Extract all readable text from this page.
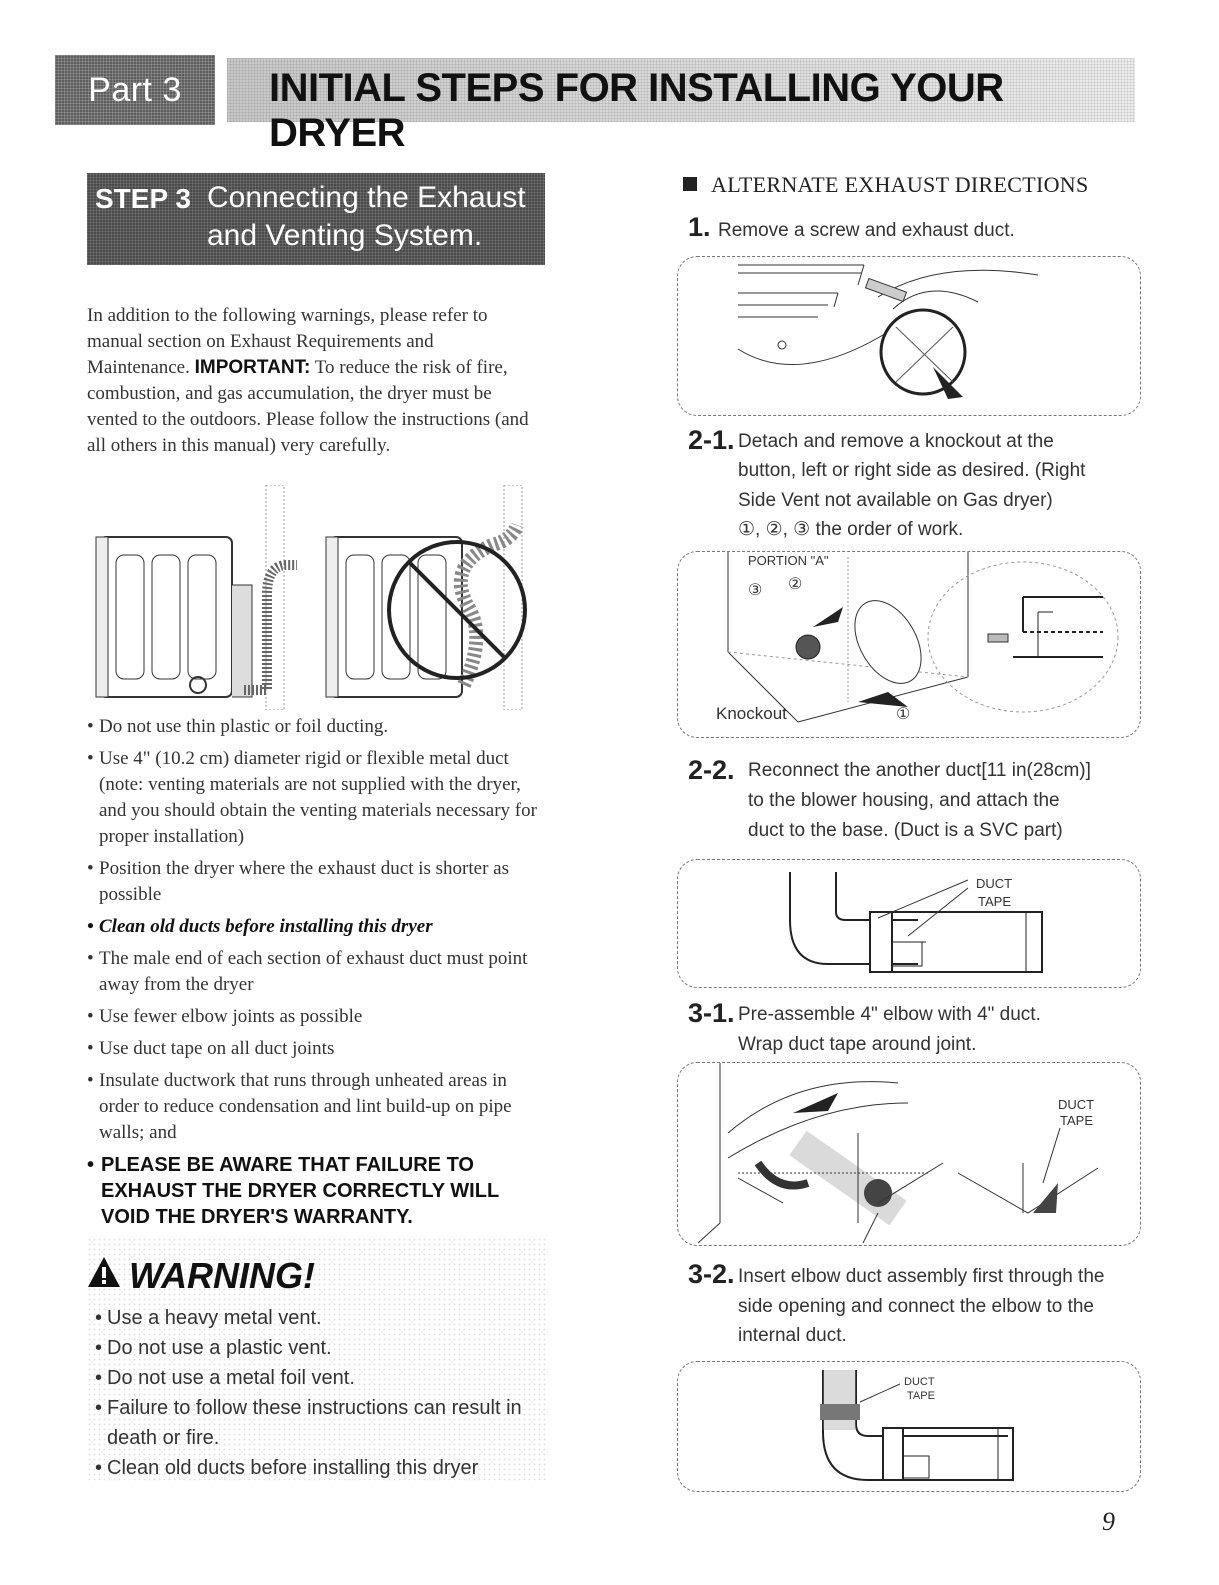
Part 3 INITIAL STEPS FOR INSTALLING YOUR DRYER
STEP 3 Connecting the Exhaust
and Venting System.
In addition to the following warnings, please refer to manual section on Exhaust Requirements and Maintenance. IMPORTANT: To reduce the risk of fire, combustion, and gas accumulation, the dryer must be vented to the outdoors. Please follow the instructions (and all others in this manual) very carefully.
• Do not use thin plastic or foil ducting.
• Use 4" (10.2 cm) diameter rigid or flexible metal duct (note: venting materials are not supplied with the dryer, and you should obtain the venting materials necessary for proper installation)
• Position the dryer where the exhaust duct is shorter as possible
• Clean old ducts before installing this dryer
• The male end of each section of exhaust duct must point away from the dryer
• Use fewer elbow joints as possible
• Use duct tape on all duct joints
• Insulate ductwork that runs through unheated areas in order to reduce condensation and lint build-up on pipe walls; and
• PLEASE BE AWARE THAT FAILURE TO EXHAUST THE DRYER CORRECTLY WILL VOID THE DRYER'S WARRANTY.
WARNING!
• Use a heavy metal vent.
• Do not use a plastic vent.
• Do not use a metal foil vent.
• Failure to follow these instructions can result in death or fire.
• Clean old ducts before installing this dryer
ALTERNATE EXHAUST DIRECTIONS
1. Remove a screw and exhaust duct.
2-1. Detach and remove a knockout at the
button, left or right side as desired. (Right
Side Vent not available on Gas dryer)
①, ②, ③ the order of work.
PORTION "A"
③ ②
Knockout	①
2-2. Reconnect the another duct[11 in(28cm)]
to the blower housing, and attach the
duct to the base. (Duct is a SVC part)
DUCT
TAPE
3-1. Pre-assemble 4" elbow with 4" duct.
Wrap duct tape around joint.
DUCT
TAPE
3-2. Insert elbow duct assembly first through the
side opening and connect the elbow to the
internal duct.
DUCT
TAPE
9
